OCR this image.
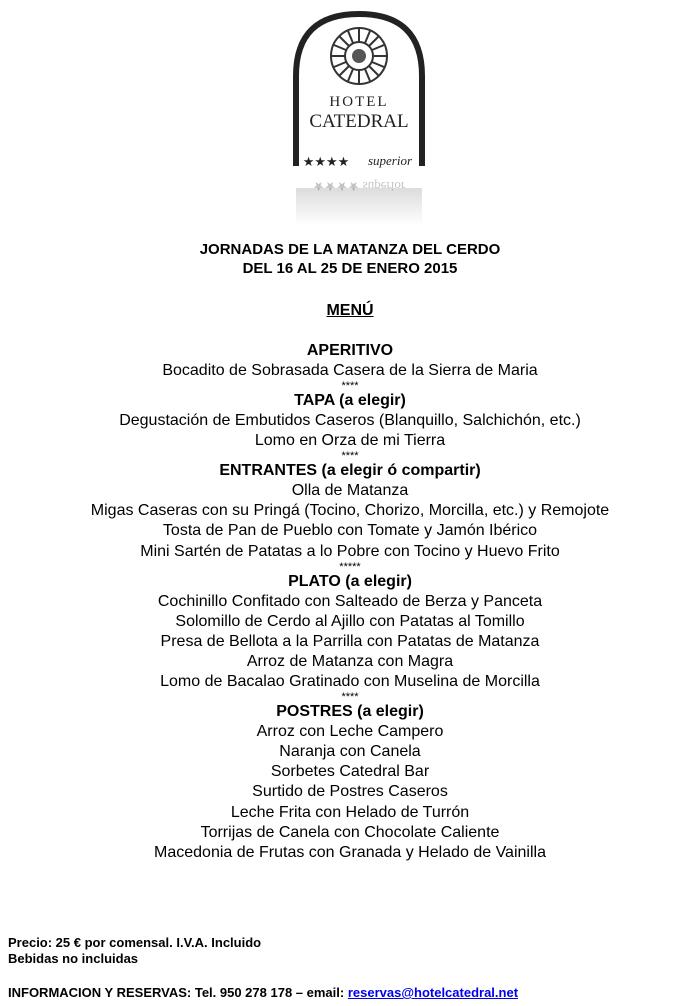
HOTEL
CATEDRAL
★★★★ superior
★★★★ superior
JORNADAS DE LA MATANZA DEL CERDO
DEL 16 AL 25 DE ENERO 2015
MENÚ
APERITIVO
Bocadito de Sobrasada Casera de la Sierra de Maria
****
TAPA (a elegir)
Degustación de Embutidos Caseros (Blanquillo, Salchichón, etc.)
Lomo en Orza de mi Tierra
****
ENTRANTES (a elegir ó compartir)
Olla de Matanza
Migas Caseras con su Pringá (Tocino, Chorizo, Morcilla, etc.) y Remojote
Tosta de Pan de Pueblo con Tomate y Jamón Ibérico
Mini Sartén de Patatas a lo Pobre con Tocino y Huevo Frito
*****
PLATO (a elegir)
Cochinillo Confitado con Salteado de Berza y Panceta
Solomillo de Cerdo al Ajillo con Patatas al Tomillo
Presa de Bellota a la Parrilla con Patatas de Matanza
Arroz de Matanza con Magra
Lomo de Bacalao Gratinado con Muselina de Morcilla
****
POSTRES (a elegir)
Arroz con Leche Campero
Naranja con Canela
Sorbetes Catedral Bar
Surtido de Postres Caseros
Leche Frita con Helado de Turrón
Torrijas de Canela con Chocolate Caliente
Macedonia de Frutas con Granada y Helado de Vainilla
Precio: 25 € por comensal. I.V.A. Incluido
Bebidas no incluidas
INFORMACION Y RESERVAS: Tel. 950 278 178 – email: reservas@hotelcatedral.net
